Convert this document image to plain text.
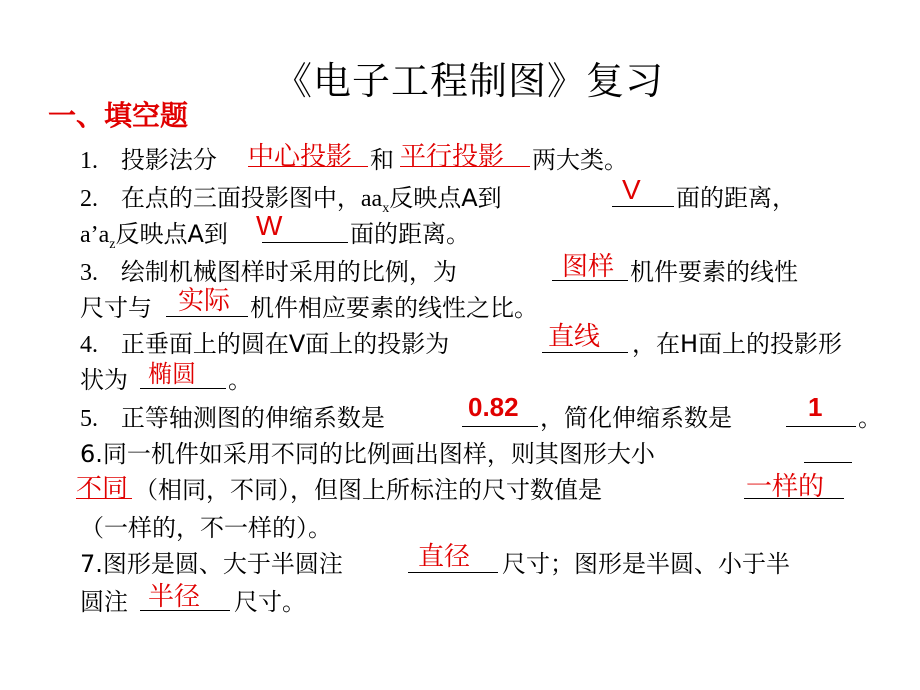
《电子工程制图》复习
一、填空题
1. 投影法分 中心投影 和 平行投影 两大类。
2. 在点的三面投影图中，$aa_x$反映点A到	V 面的距离，
$a’a_z$反映点A到 W	面的距离。
3. 绘制机械图样时采用的比例，为	图样 机件要素的线性
尺寸与 实际 机件相应要素的线性之比。
4. 正垂面上的圆在V面上的投影为	直线 ，在H面上的投影形
状为 椭圆 。
5. 正等轴测图的伸缩系数是	0.82 ，简化伸缩系数是	1 。
6.同一机件如采用不同的比例画出图样，则其图形大小
不同 （相同，不同），但图上所标注的尺寸数值是	一样的
（一样的，不一样的）。
7.图形是圆、大于半圆注	直径 尺寸；图形是半圆、小于半
圆注 半径 尺寸。
